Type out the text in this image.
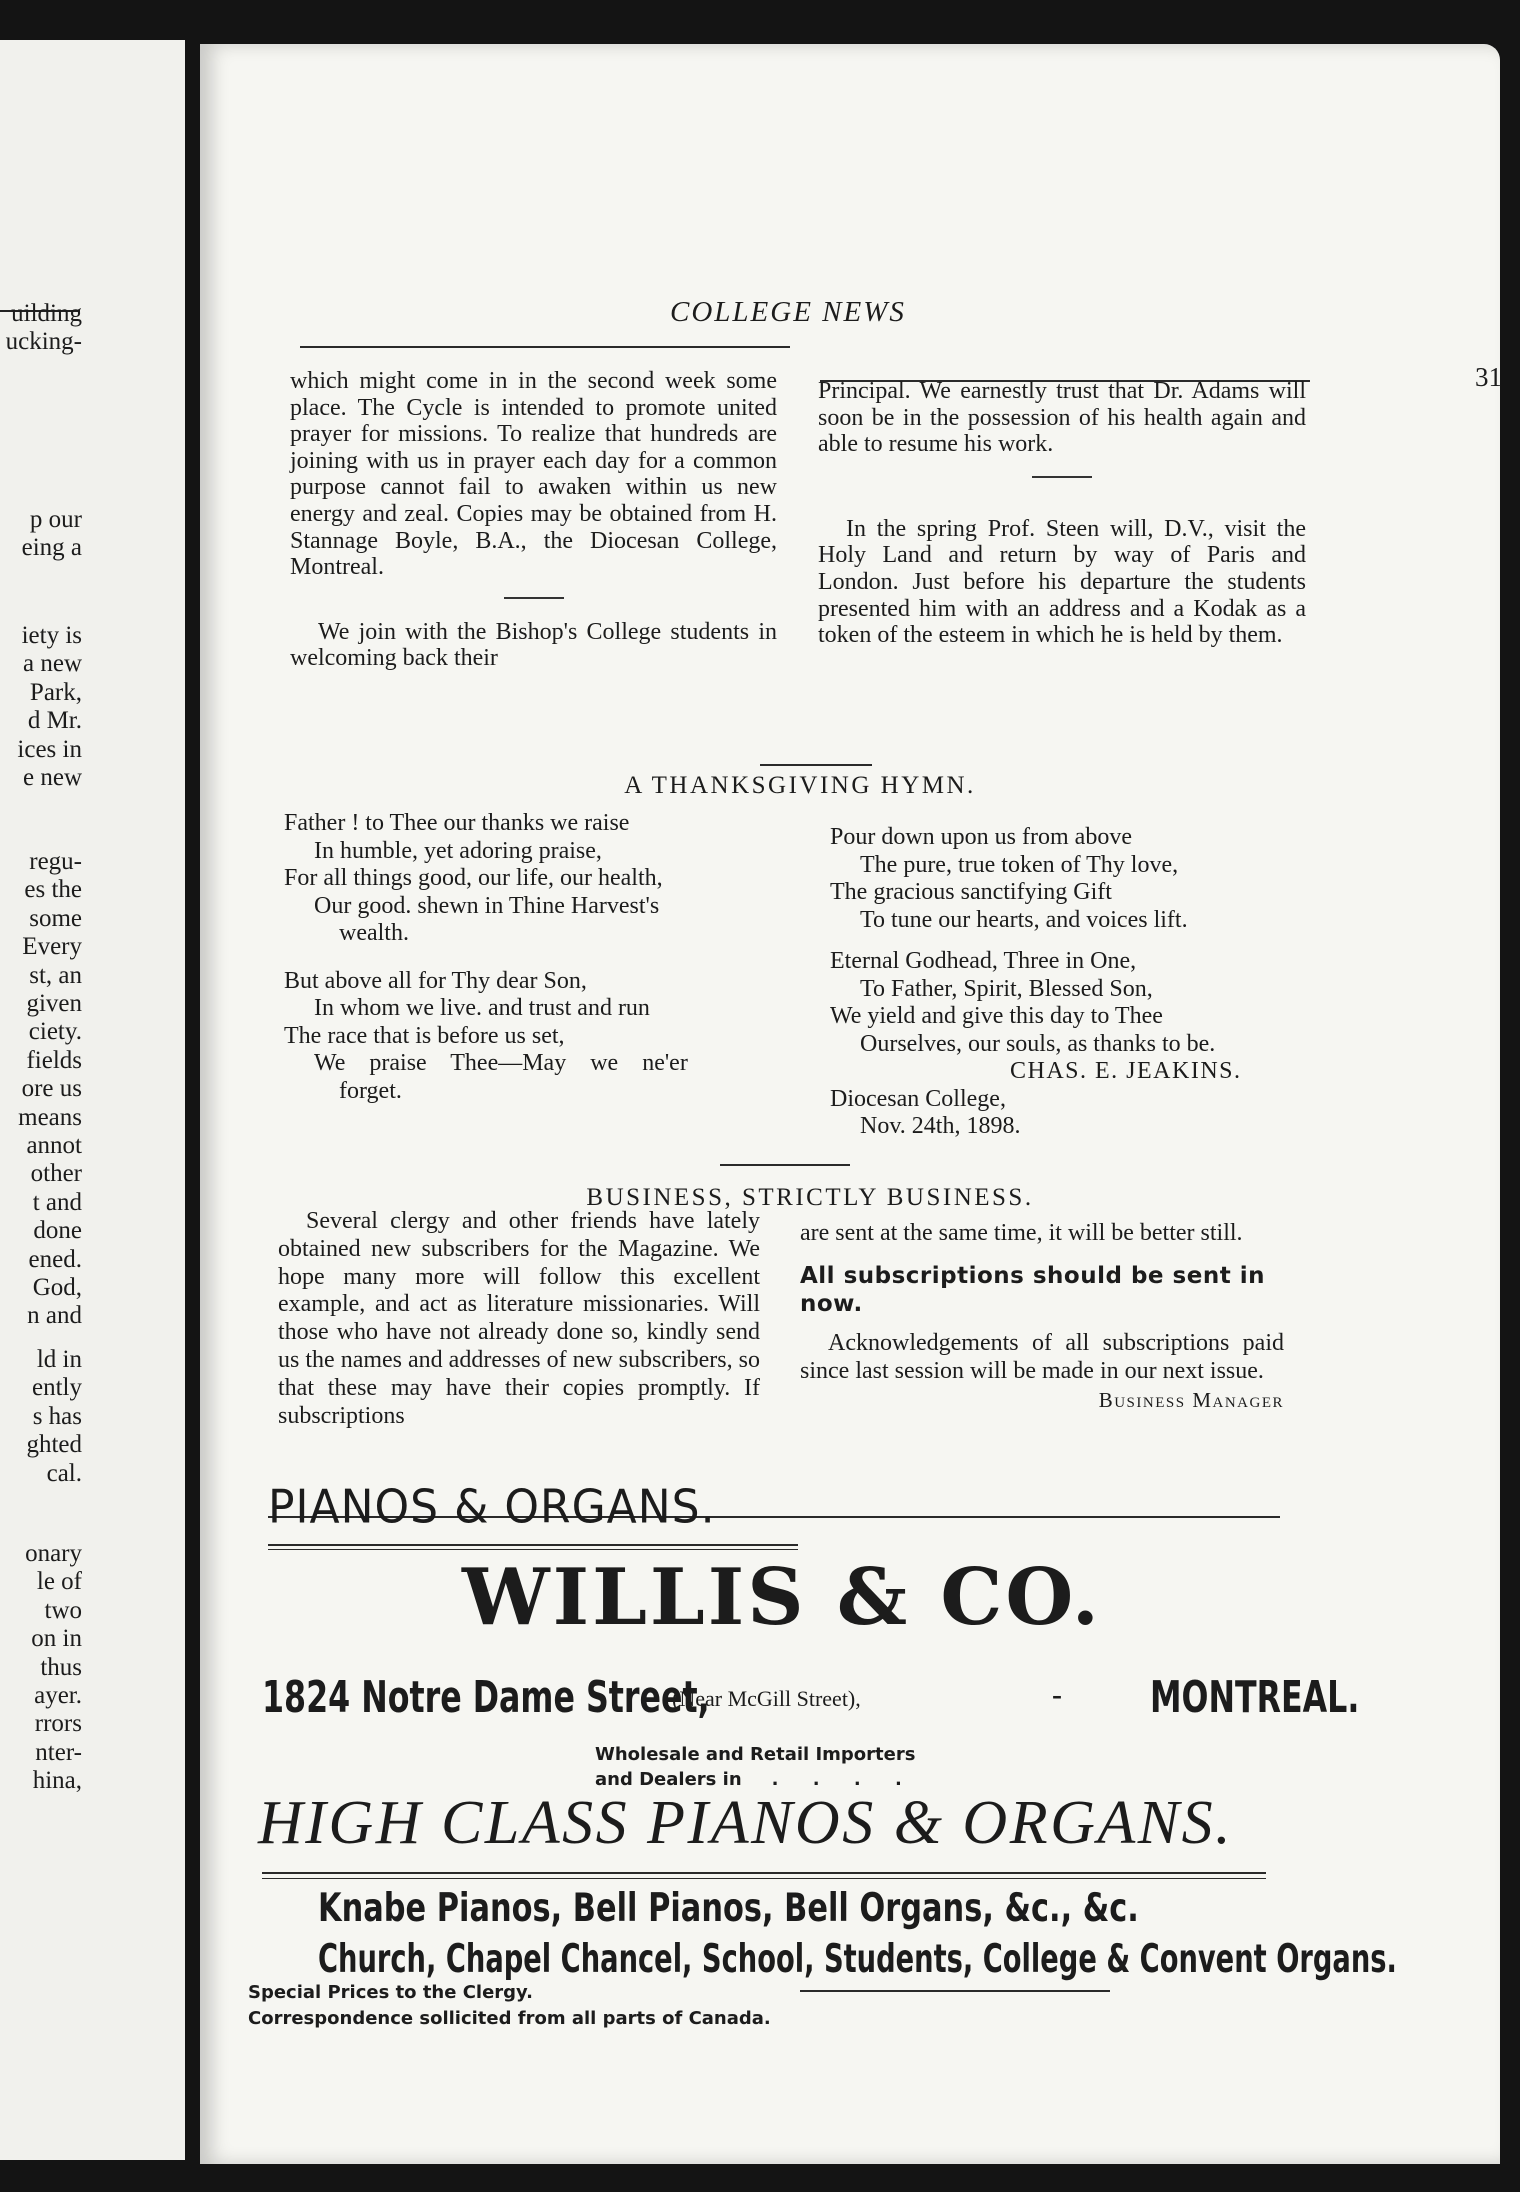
uilding
ucking-
p our
eing a
iety is
a new
Park,
d Mr.
ices in
e new
regu-
es the
some
Every
st, an
given
ciety.
fields
ore us
means
annot
other
t and
done
ened.
God,
n and
ld in
ently
s has
ghted
cal.
onary
le of
two
on in
thus
ayer.
rrors
nter-
hina,
COLLEGE NEWS
31

which might come in in the second week some place. The Cycle is intended to promote united prayer for missions. To realize that hundreds are joining with us in prayer each day for a common purpose cannot fail to awaken within us new energy and zeal. Copies may be obtained from H. Stannage Boyle, B.A., the Diocesan College, Montreal.

We join with the Bishop's College students in welcoming back their

Principal. We earnestly trust that Dr. Adams will soon be in the possession of his health again and able to resume his work.

In the spring Prof. Steen will, D.V., visit the Holy Land and return by way of Paris and London. Just before his departure the students presented him with an address and a Kodak as a token of the esteem in which he is held by them.

A THANKSGIVING HYMN.
Father ! to Thee our thanks we raise
In humble, yet adoring praise,
For all things good, our life, our health,
Our good. shewn in Thine Harvest's
wealth.
But above all for Thy dear Son,
In whom we live. and trust and run
The race that is before us set,
We praise Thee—May we ne'er
forget.
Pour down upon us from above
The pure, true token of Thy love,
The gracious sanctifying Gift
To tune our hearts, and voices lift.
Eternal Godhead, Three in One,
To Father, Spirit, Blessed Son,
We yield and give this day to Thee
Ourselves, our souls, as thanks to be.
CHAS. E. JEAKINS.
Diocesan College,
Nov. 24th, 1898.
BUSINESS, STRICTLY BUSINESS.

Several clergy and other friends have lately obtained new subscribers for the Magazine. We hope many more will follow this excellent example, and act as literature missionaries. Will those who have not already done so, kindly send us the names and addresses of new subscribers, so that these may have their copies promptly. If subscriptions

are sent at the same time, it will be better still.

All subscriptions should be sent in now.

Acknowledgements of all subscriptions paid since last session will be made in our next issue.

Business Manager

PIANOS & ORGANS.
WILLIS & CO.
1824 Notre Dame Street,
(Near McGill Street),	- MONTREAL.
Wholesale and Retail Importers
and Dealers in . . . .
HIGH CLASS PIANOS & ORGANS.
Knabe Pianos, Bell Pianos, Bell Organs, &c., &c.
Church, Chapel Chancel, School, Students, College & Convent Organs.
Special Prices to the Clergy.
Correspondence sollicited from all parts of Canada.
